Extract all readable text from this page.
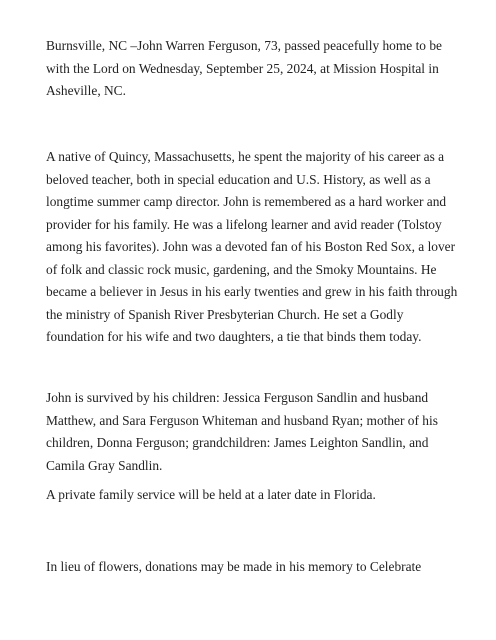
Burnsville, NC –John Warren Ferguson, 73, passed peacefully home to be
with the Lord on Wednesday, September 25, 2024, at Mission Hospital in
Asheville, NC.

A native of Quincy, Massachusetts, he spent the majority of his career as a
beloved teacher, both in special education and U.S. History, as well as a
longtime summer camp director. John is remembered as a hard worker and
provider for his family. He was a lifelong learner and avid reader (Tolstoy
among his favorites). John was a devoted fan of his Boston Red Sox, a lover
of folk and classic rock music, gardening, and the Smoky Mountains. He
became a believer in Jesus in his early twenties and grew in his faith through
the ministry of Spanish River Presbyterian Church. He set a Godly
foundation for his wife and two daughters, a tie that binds them today.

John is survived by his children: Jessica Ferguson Sandlin and husband
Matthew, and Sara Ferguson Whiteman and husband Ryan; mother of his
children, Donna Ferguson; grandchildren: James Leighton Sandlin, and
Camila Gray Sandlin.

A private family service will be held at a later date in Florida.

In lieu of flowers, donations may be made in his memory to Celebrate
